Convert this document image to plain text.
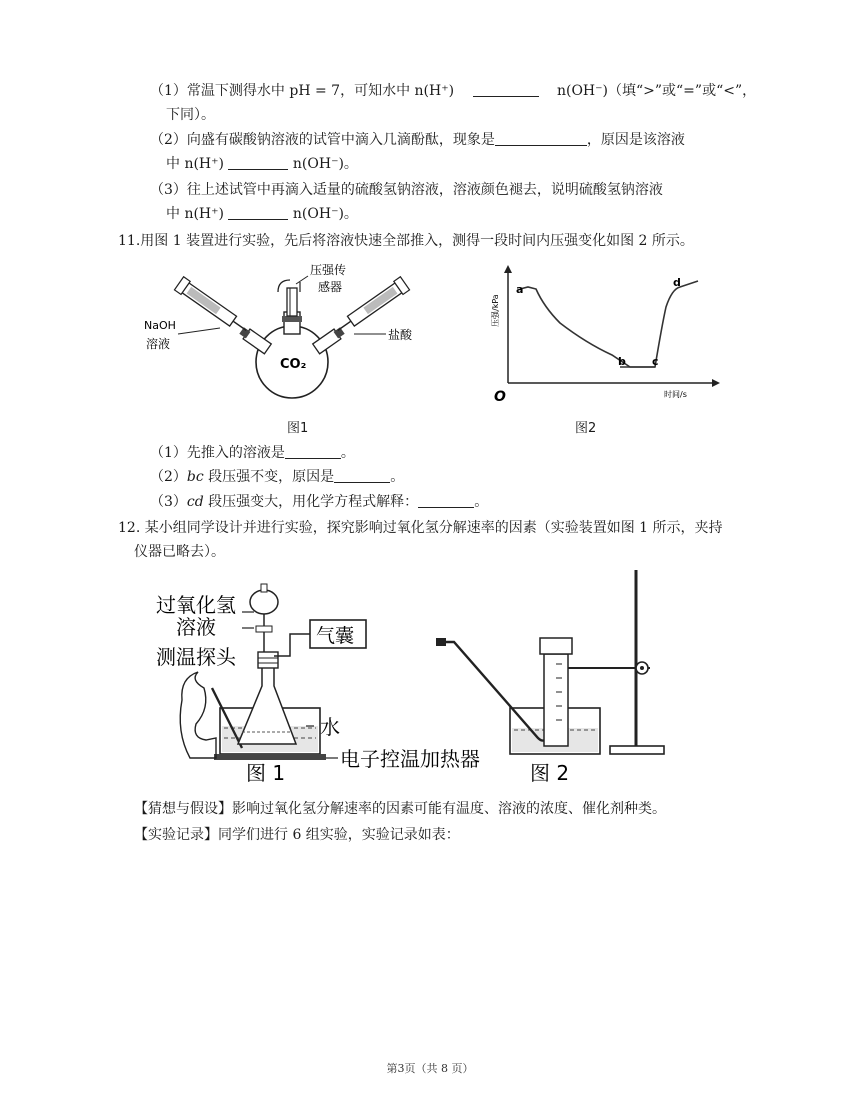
（1）常温下测得水中 pH = 7，可知水中 n(H⁺)	n(OH⁻)（填“>”或“=”或“<”，
下同）。
（2）向盛有碳酸钠溶液的试管中滴入几滴酚酞，现象是	，原因是该溶液
中 n(H⁺)	n(OH⁻)。
（3）往上述试管中再滴入适量的硫酸氢钠溶液，溶液颜色褪去，说明硫酸氢钠溶液
中 n(H⁺)	n(OH⁻)。
11.用图 1 装置进行实验，先后将溶液快速全部推入，测得一段时间内压强变化如图 2 所示。
压强传
感器
NaOH
溶液
盐酸
CO₂
图1
a
b c
d
压强/kPa
时间/s
O
图2
（1）先推入的溶液是	。
（2）bc 段压强不变，原因是	。
（3）cd 段压强变大，用化学方程式解释：	。
12. 某小组同学设计并进行实验，探究影响过氧化氢分解速率的因素（实验装置如图 1 所示，夹持
仪器已略去）。
过氧化氢
溶液
测温探头
气囊
水
电子控温加热器
图 1	图 2
【猜想与假设】影响过氧化氢分解速率的因素可能有温度、溶液的浓度、催化剂种类。
【实验记录】同学们进行 6 组实验，实验记录如表：
第3页（共 8 页）
